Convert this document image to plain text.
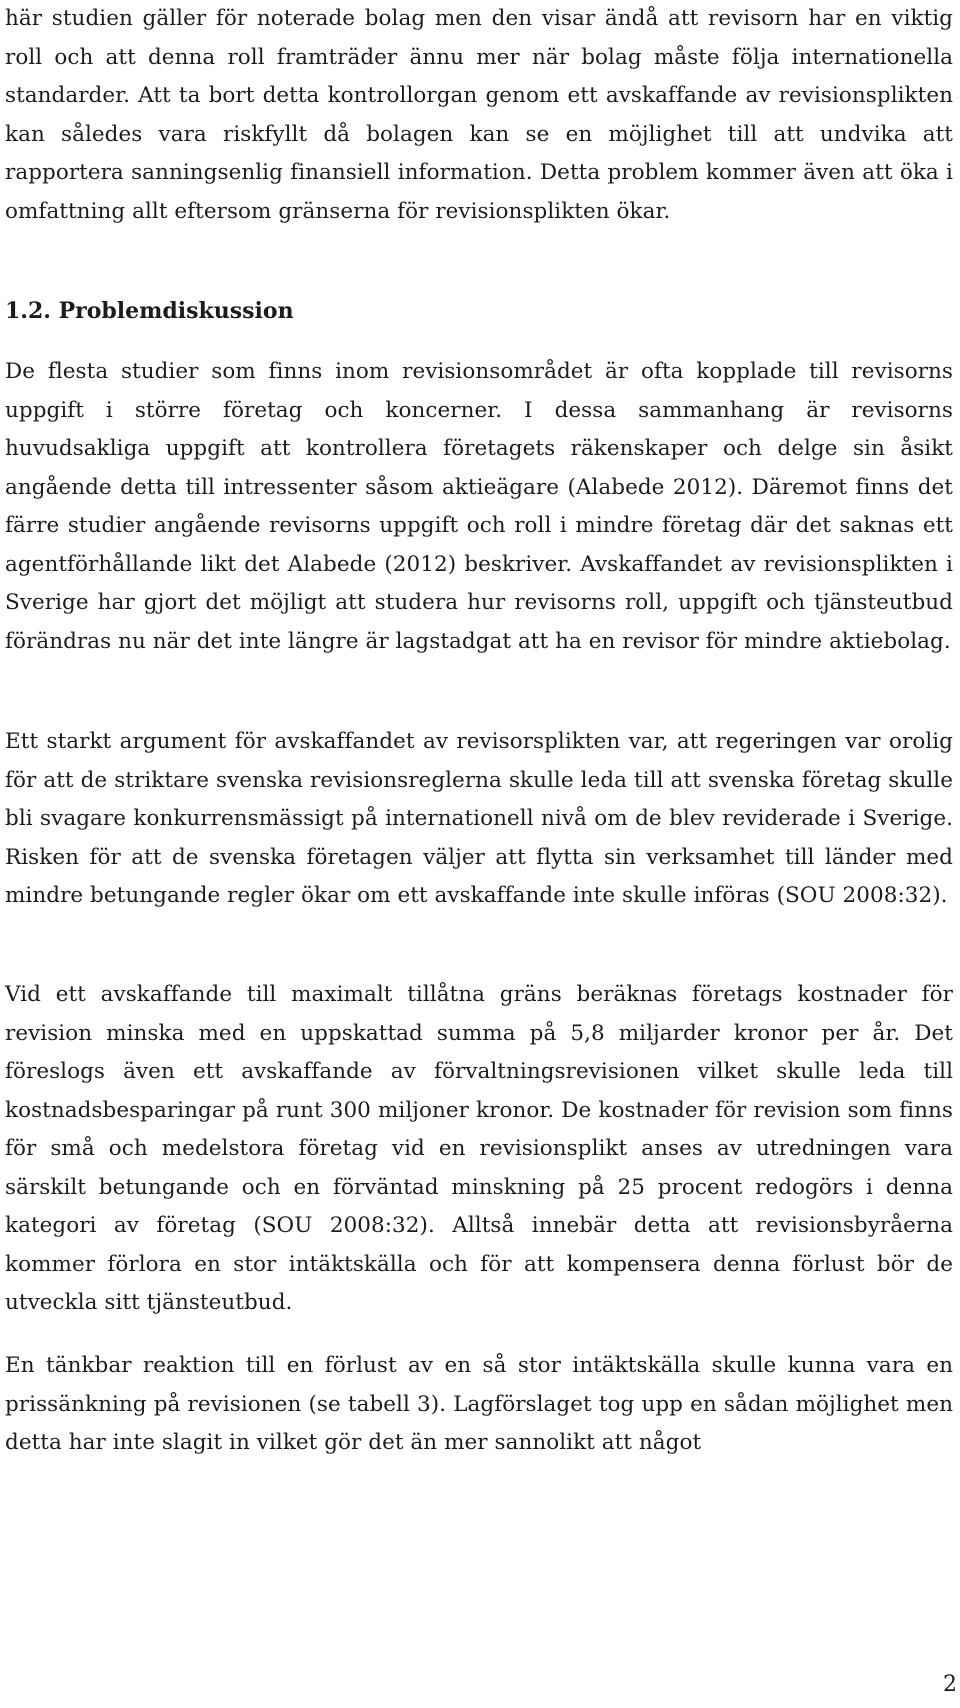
här studien gäller för noterade bolag men den visar ändå att revisorn har en viktig roll och att denna roll framträder ännu mer när bolag måste följa internationella standarder. Att ta bort detta kontrollorgan genom ett avskaffande av revisionsplikten kan således vara riskfyllt då bolagen kan se en möjlighet till att undvika att rapportera sanningsenlig finansiell information. Detta problem kommer även att öka i omfattning allt eftersom gränserna för revisionsplikten ökar.

1.2. Problemdiskussion

De flesta studier som finns inom revisionsområdet är ofta kopplade till revisorns uppgift i större företag och koncerner. I dessa sammanhang är revisorns huvudsakliga uppgift att kontrollera företagets räkenskaper och delge sin åsikt angående detta till intressenter såsom aktieägare (Alabede 2012). Däremot finns det färre studier angående revisorns uppgift och roll i mindre företag där det saknas ett agentförhållande likt det Alabede (2012) beskriver. Avskaffandet av revisionsplikten i Sverige har gjort det möjligt att studera hur revisorns roll, uppgift och tjänsteutbud förändras nu när det inte längre är lagstadgat att ha en revisor för mindre aktiebolag.

Ett starkt argument för avskaffandet av revisorsplikten var, att regeringen var orolig för att de striktare svenska revisionsreglerna skulle leda till att svenska företag skulle bli svagare konkurrensmässigt på internationell nivå om de blev reviderade i Sverige. Risken för att de svenska företagen väljer att flytta sin verksamhet till länder med mindre betungande regler ökar om ett avskaffande inte skulle införas (SOU 2008:32).

Vid ett avskaffande till maximalt tillåtna gräns beräknas företags kostnader för revision minska med en uppskattad summa på 5,8 miljarder kronor per år. Det föreslogs även ett avskaffande av förvaltningsrevisionen vilket skulle leda till kostnadsbesparingar på runt 300 miljoner kronor. De kostnader för revision som finns för små och medelstora företag vid en revisionsplikt anses av utredningen vara särskilt betungande och en förväntad minskning på 25 procent redogörs i denna kategori av företag (SOU 2008:32). Alltså innebär detta att revisionsbyråerna kommer förlora en stor intäktskälla och för att kompensera denna förlust bör de utveckla sitt tjänsteutbud.

En tänkbar reaktion till en förlust av en så stor intäktskälla skulle kunna vara en prissänkning på revisionen (se tabell 3). Lagförslaget tog upp en sådan möjlighet men detta har inte slagit in vilket gör det än mer sannolikt att något

2
